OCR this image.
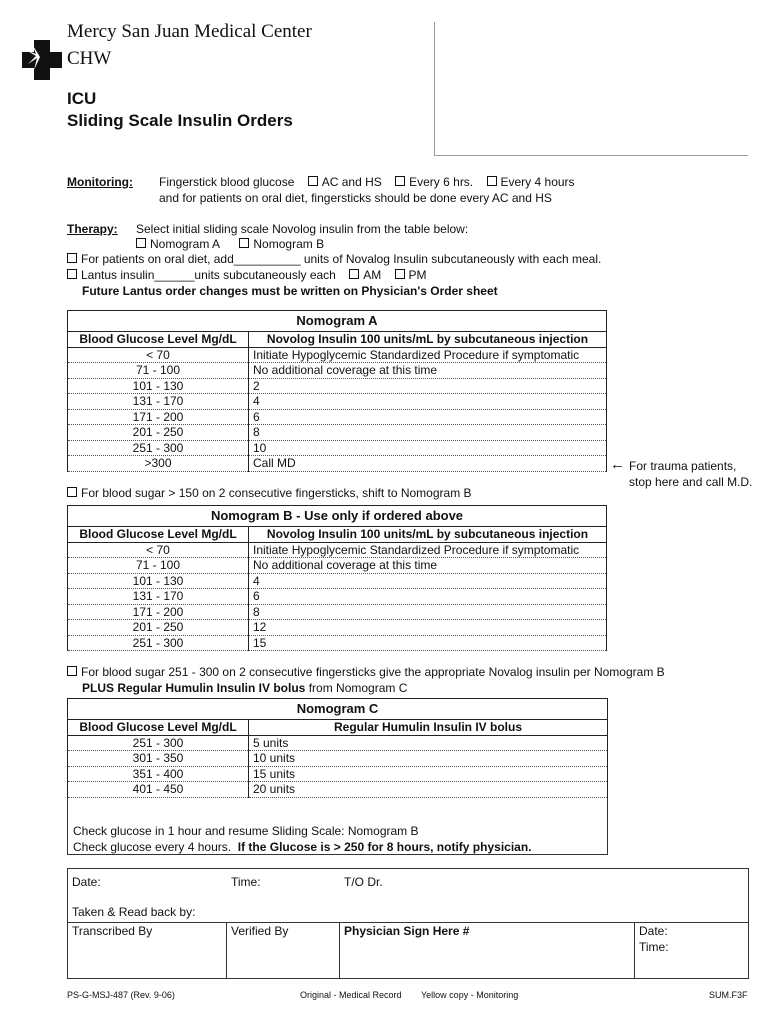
Mercy San Juan Medical Center
CHW
ICU
Sliding Scale Insulin Orders
Monitoring: Fingerstick blood glucose AC and HS Every 6 hrs. Every 4 hours
and for patients on oral diet, fingersticks should be done every AC and HS
Therapy: Select initial sliding scale Novolog insulin from the table below:
Nomogram A	Nomogram B
For patients on oral diet, add__________ units of Novalog Insulin subcutaneously with each meal.
Lantus insulin______units subcutaneously each AM PM
Future Lantus order changes must be written on Physician's Order sheet
Nomogram A	
Blood Glucose Level Mg/dL	Novolog Insulin 100 units/mL by subcutaneous injection
< 70	Initiate Hypoglycemic Standardized Procedure if symptomatic
71 - 100	No additional coverage at this time
101 - 130	2
131 - 170	4
171 - 200	6
201 - 250	8
251 - 300	10
>300	Call MD	← For trauma patients, stop here and call M.D.
For blood sugar > 150 on 2 consecutive fingersticks, shift to Nomogram B
Nomogram B - Use only if ordered above	
Blood Glucose Level Mg/dL	Novolog Insulin 100 units/mL by subcutaneous injection
< 70	Initiate Hypoglycemic Standardized Procedure if symptomatic
71 - 100	No additional coverage at this time
101 - 130	4
131 - 170	6
171 - 200	8
201 - 250	12
251 - 300	15
For blood sugar 251 - 300 on 2 consecutive fingersticks give the appropriate Novalog insulin per Nomogram B
PLUS Regular Humulin Insulin IV bolus from Nomogram C
Nomogram C	
Blood Glucose Level Mg/dL	Regular Humulin Insulin IV bolus
251 - 300	5 units
301 - 350	10 units
351 - 400	15 units
401 - 450	20 units
Check glucose in 1 hour and resume Sliding Scale: Nomogram B
Check glucose every 4 hours.  If the Glucose is > 250 for 8 hours, notify physician.
Date:	Time:	T/O Dr.
Taken & Read back by:
Transcribed By	Verified By	Physician Sign Here #	Date:
Time:
PS-G-MSJ-487 (Rev. 9-06)	Original - Medical Record Yellow copy - Monitoring	SUM.F3F
